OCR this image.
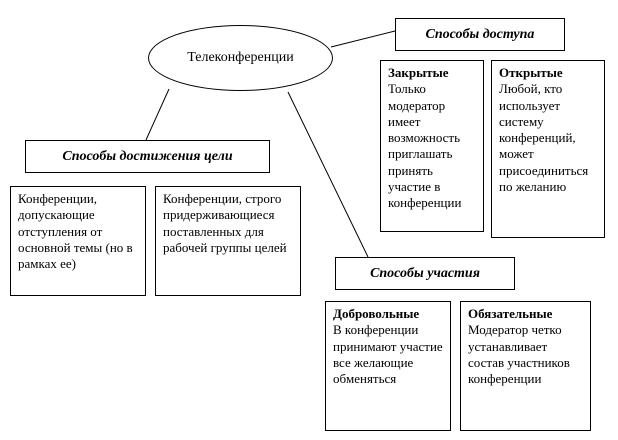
Телеконференции
Способы доступа
Закрытые
Только модератор имеет возможность приглашать принять участие в конференции
Открытые
Любой, кто использует систему конференций, может присоединиться по желанию
Способы достижения цели
Конференции, допускающие отступления от основной темы (но в рамках ее)
Конференции, строго придерживающиеся поставленных для рабочей группы целей
Способы участия
Добровольные
В конференции принимают участие все желающие обменяться
Обязательные
Модератор четко устанавливает состав участников конференции
